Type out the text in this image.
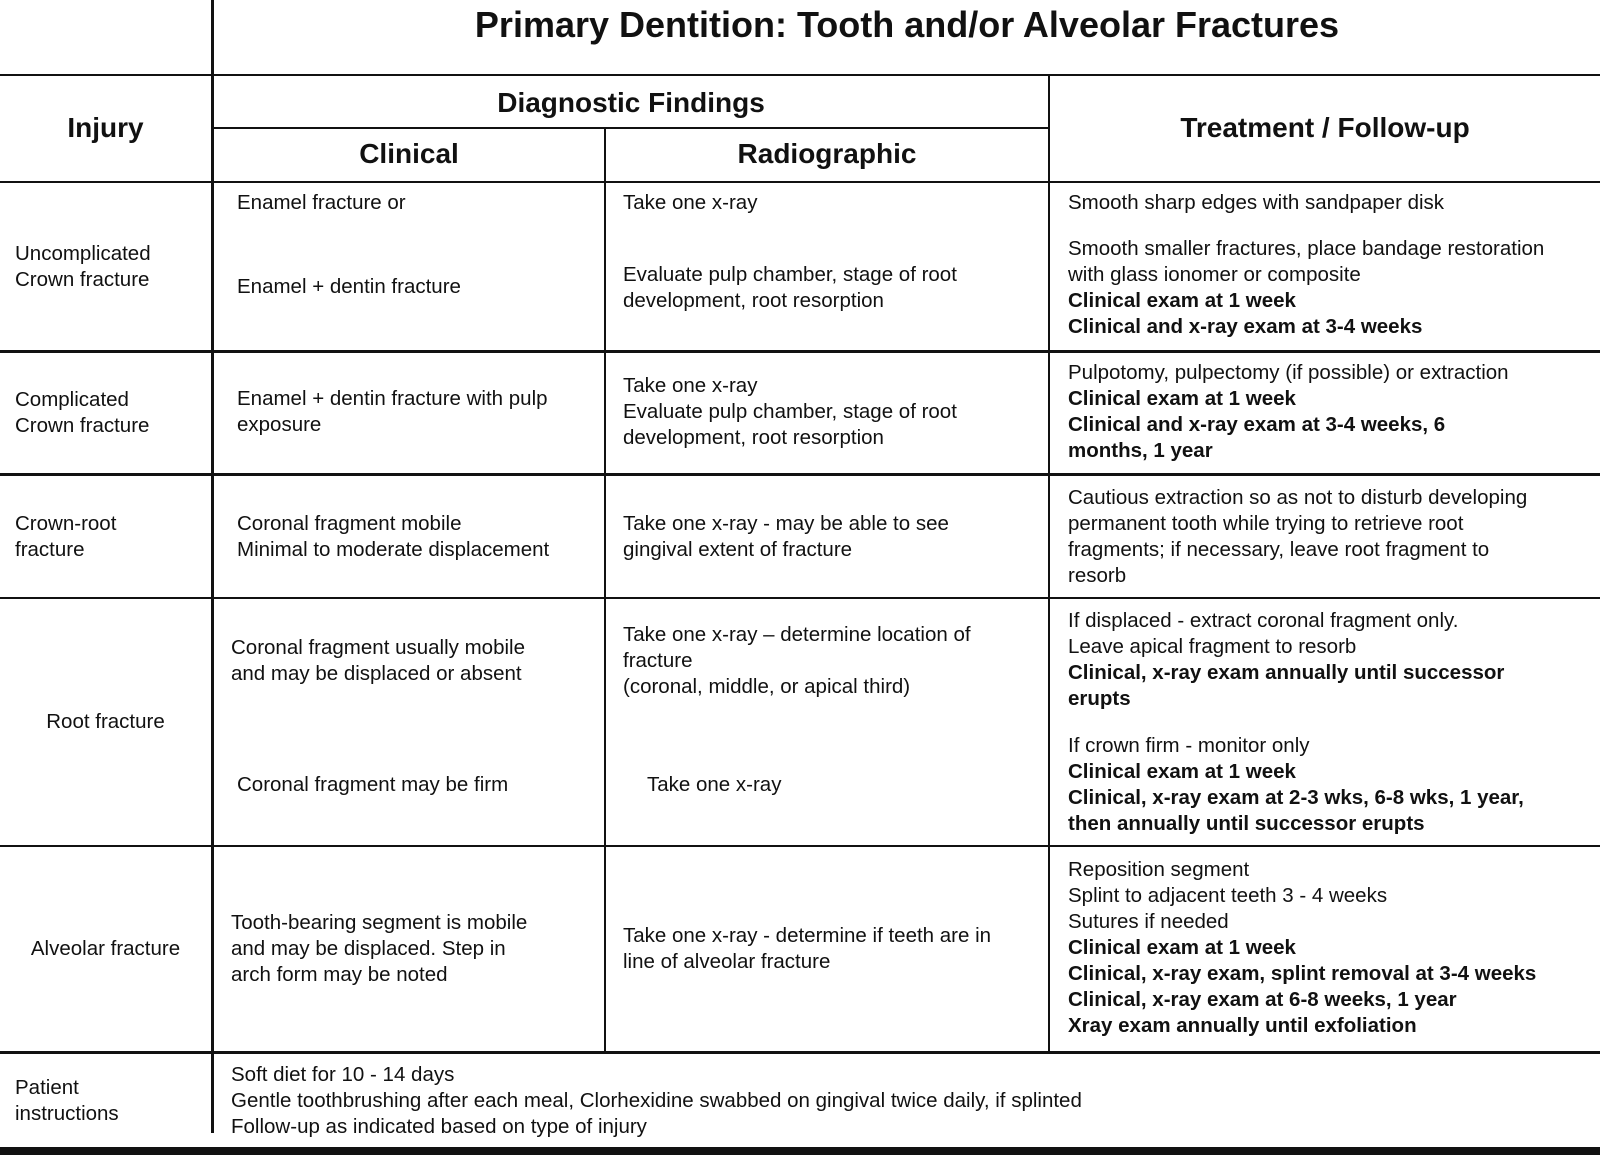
Primary Dentition: Tooth and/or Alveolar Fractures
Injury
Diagnostic Findings
Clinical	Radiographic
Treatment / Follow-up
Uncomplicated
Crown fracture
Enamel fracture or
Enamel + dentin fracture
Take one x-ray
Evaluate pulp chamber, stage of root
development, root resorption
Smooth sharp edges with sandpaper disk
Smooth smaller fractures, place bandage restoration
with glass ionomer or composite
Clinical exam at 1 week
Clinical and x-ray exam at 3-4 weeks
Complicated
Crown fracture
Enamel + dentin fracture with pulp
exposure
Take one x-ray
Evaluate pulp chamber, stage of root
development, root resorption
Pulpotomy, pulpectomy (if possible) or extraction
Clinical exam at 1 week
Clinical and x-ray exam at 3-4 weeks, 6
months, 1 year
Crown-root
fracture
Coronal fragment mobile
Minimal to moderate displacement
Take one x-ray - may be able to see
gingival extent of fracture
Cautious extraction so as not to disturb developing
permanent tooth while trying to retrieve root
fragments; if necessary, leave root fragment to
resorb
Root fracture
Coronal fragment usually mobile
and may be displaced or absent
Coronal fragment may be firm
Take one x-ray – determine location of
fracture
(coronal, middle, or apical third)
Take one x-ray
If displaced - extract coronal fragment only.
Leave apical fragment to resorb
Clinical, x-ray exam annually until successor
erupts
If crown firm - monitor only
Clinical exam at 1 week
Clinical, x-ray exam at 2-3 wks, 6-8 wks, 1 year,
then annually until successor erupts
Alveolar fracture
Tooth-bearing segment is mobile
and may be displaced. Step in
arch form may be noted
Take one x-ray - determine if teeth are in
line of alveolar fracture
Reposition segment
Splint to adjacent teeth 3 - 4 weeks
Sutures if needed
Clinical exam at 1 week
Clinical, x-ray exam, splint removal at 3-4 weeks
Clinical, x-ray exam at 6-8 weeks, 1 year
Xray exam annually until exfoliation
Patient
instructions
Soft diet for 10 - 14 days
Gentle toothbrushing after each meal, Clorhexidine swabbed on gingival twice daily, if splinted
Follow-up as indicated based on type of injury
